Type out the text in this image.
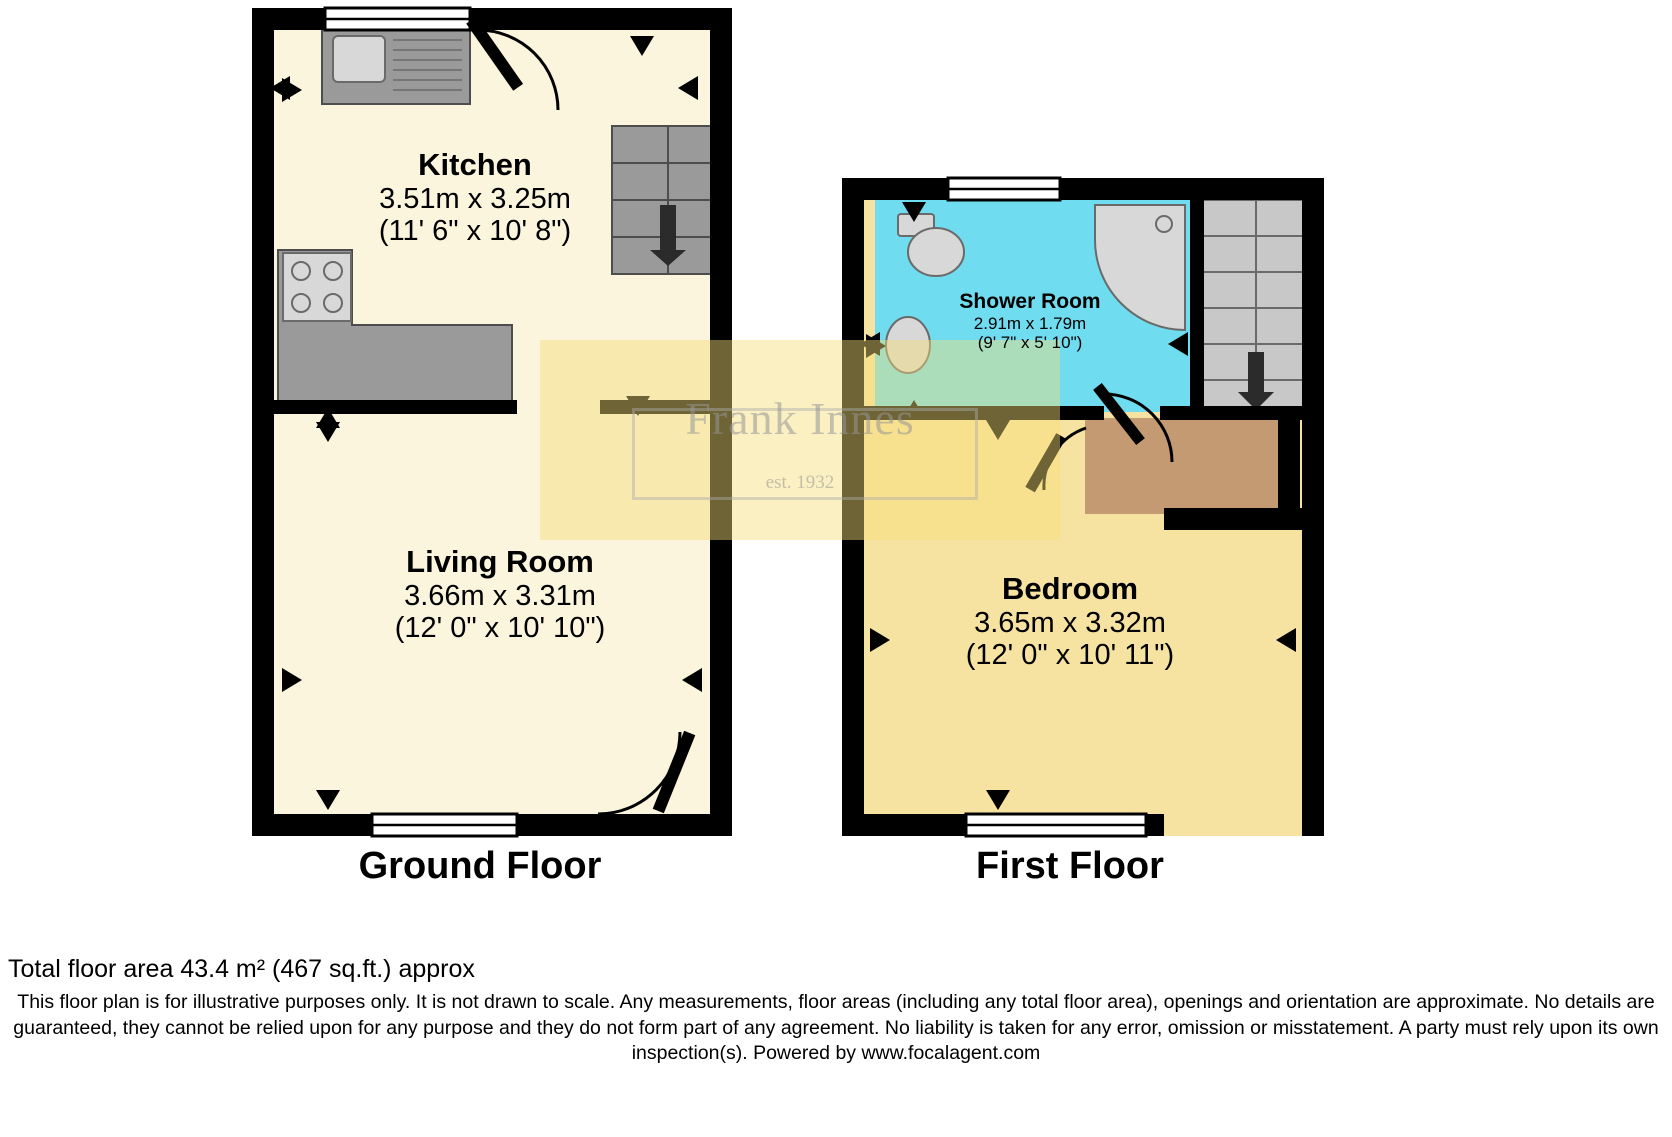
Frank Innes
est. 1932
Kitchen
3.51m x 3.25m
(11' 6" x 10' 8")
Living Room
3.66m x 3.31m
(12' 0" x 10' 10")
Shower Room
2.91m x 1.79m
(9' 7" x 5' 10")
Bedroom
3.65m x 3.32m
(12' 0" x 10' 11")
Ground Floor	First Floor
Total floor area 43.4 m² (467 sq.ft.) approx
This floor plan is for illustrative purposes only. It is not drawn to scale. Any measurements, floor areas (including any total floor area), openings and orientation are approximate. No details are guaranteed, they cannot be relied upon for any purpose and they do not form part of any agreement. No liability is taken for any error, omission or misstatement. A party must rely upon its own inspection(s). Powered by www.focalagent.com
